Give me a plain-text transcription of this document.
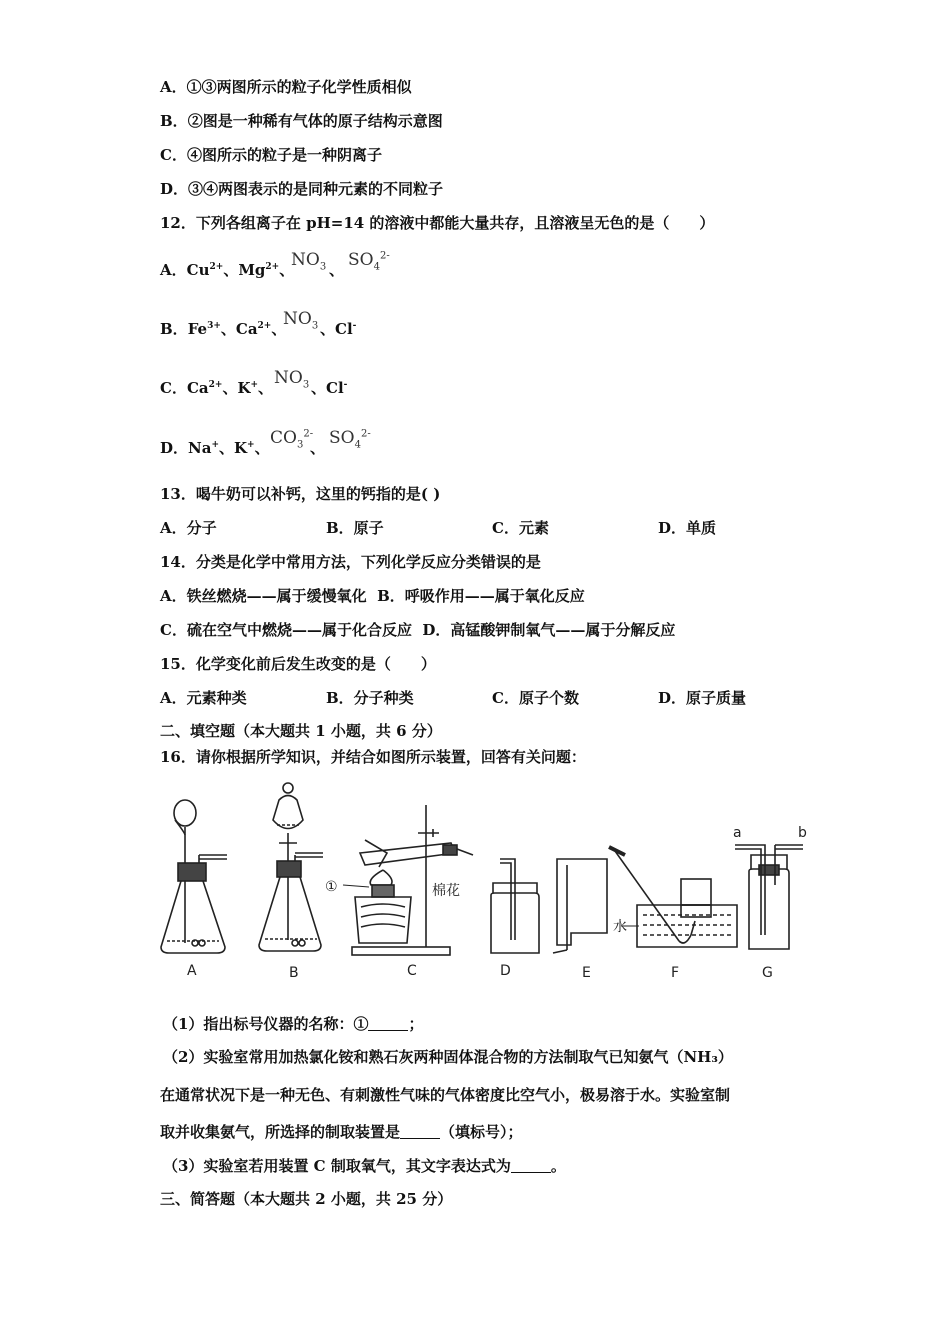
A．①③两图所示的粒子化学性质相似
B．②图是一种稀有气体的原子结构示意图
C．④图所示的粒子是一种阴离子
D．③④两图表示的是同种元素的不同粒子
12．下列各组离子在 pH=14 的溶液中都能大量共存，且溶液呈无色的是（　　）
A．$Cu^{2+}$、$Mg^{2+}$、
$NO_3$ 、 $SO_4^{2-}$
B．$Fe^{3+}$、$Ca^{2+}$、
$NO_3$ 、Cl-
C．$Ca^{2+}$、K+、 $NO_3$ 、Cl-
D．Na+、K+、 $CO_3^{2-}$
、 $SO_4^{2-}$
13．喝牛奶可以补钙，这里的钙指的是( )
A．分子	B．原子	C．元素	D．单质
14．分类是化学中常用方法，下列化学反应分类错误的是
A．铁丝燃烧——属于缓慢氧化 B．呼吸作用——属于氧化反应
C．硫在空气中燃烧——属于化合反应 D．高锰酸钾制氧气——属于分解反应
15．化学变化前后发生改变的是（　　）
A．元素种类	B．分子种类	C．原子个数	D．原子质量
二、填空题（本大题共 1 小题，共 6 分）
16．请你根据所学知识，并结合如图所示装置，回答有关问题：
①	棉花
水
a	b
A	B	C	D	E	F	G
（1）指出标号仪器的名称：①	；
（2）实验室常用加热氯化铵和熟石灰两种固体混合物的方法制取气已知氨气（NH₃）
在通常状况下是一种无色、有刺激性气味的气体密度比空气小，极易溶于水。实验室制
取并收集氨气，所选择的制取装置是	（填标号）；
（3）实验室若用装置 C 制取氧气，其文字表达式为	。
三、简答题（本大题共 2 小题，共 25 分）
